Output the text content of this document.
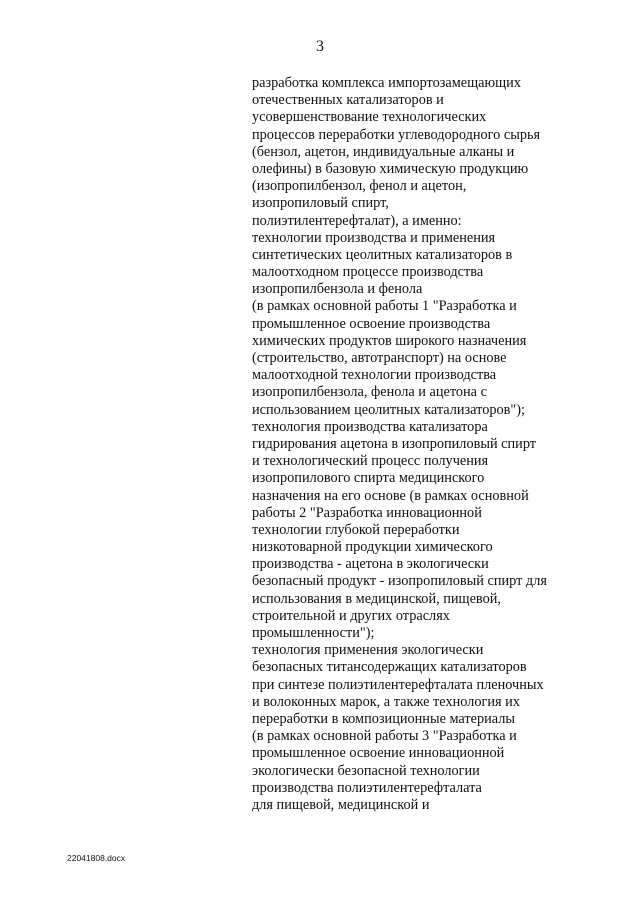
3
разработка комплекса импортозамещающих
отечественных катализаторов и
усовершенствование технологических
процессов переработки углеводородного сырья
(бензол, ацетон, индивидуальные алканы и
олефины) в базовую химическую продукцию
(изопропилбензол, фенол и ацетон,
изопропиловый спирт,
полиэтилентерефталат), а именно:
технологии производства и применения
синтетических цеолитных катализаторов в
малоотходном процессе производства
изопропилбензола и фенола
(в рамках основной работы 1 "Разработка и
промышленное освоение производства
химических продуктов широкого назначения
(строительство, автотранспорт) на основе
малоотходной технологии производства
изопропилбензола, фенола и ацетона с
использованием цеолитных катализаторов");
технология производства катализатора
гидрирования ацетона в изопропиловый спирт
и технологический процесс получения
изопропилового спирта медицинского
назначения на его основе (в рамках основной
работы 2 "Разработка инновационной
технологии глубокой переработки
низкотоварной продукции химического
производства - ацетона в экологически
безопасный продукт - изопропиловый спирт для
использования в медицинской, пищевой,
строительной и других отраслях
промышленности");
технология применения экологически
безопасных титансодержащих катализаторов
при синтезе полиэтилентерефталата пленочных
и волоконных марок, а также технология их
переработки в композиционные материалы
(в рамках основной работы 3 "Разработка и
промышленное освоение инновационной
экологически безопасной технологии
производства полиэтилентерефталата
для пищевой, медицинской и
22041808.docx
